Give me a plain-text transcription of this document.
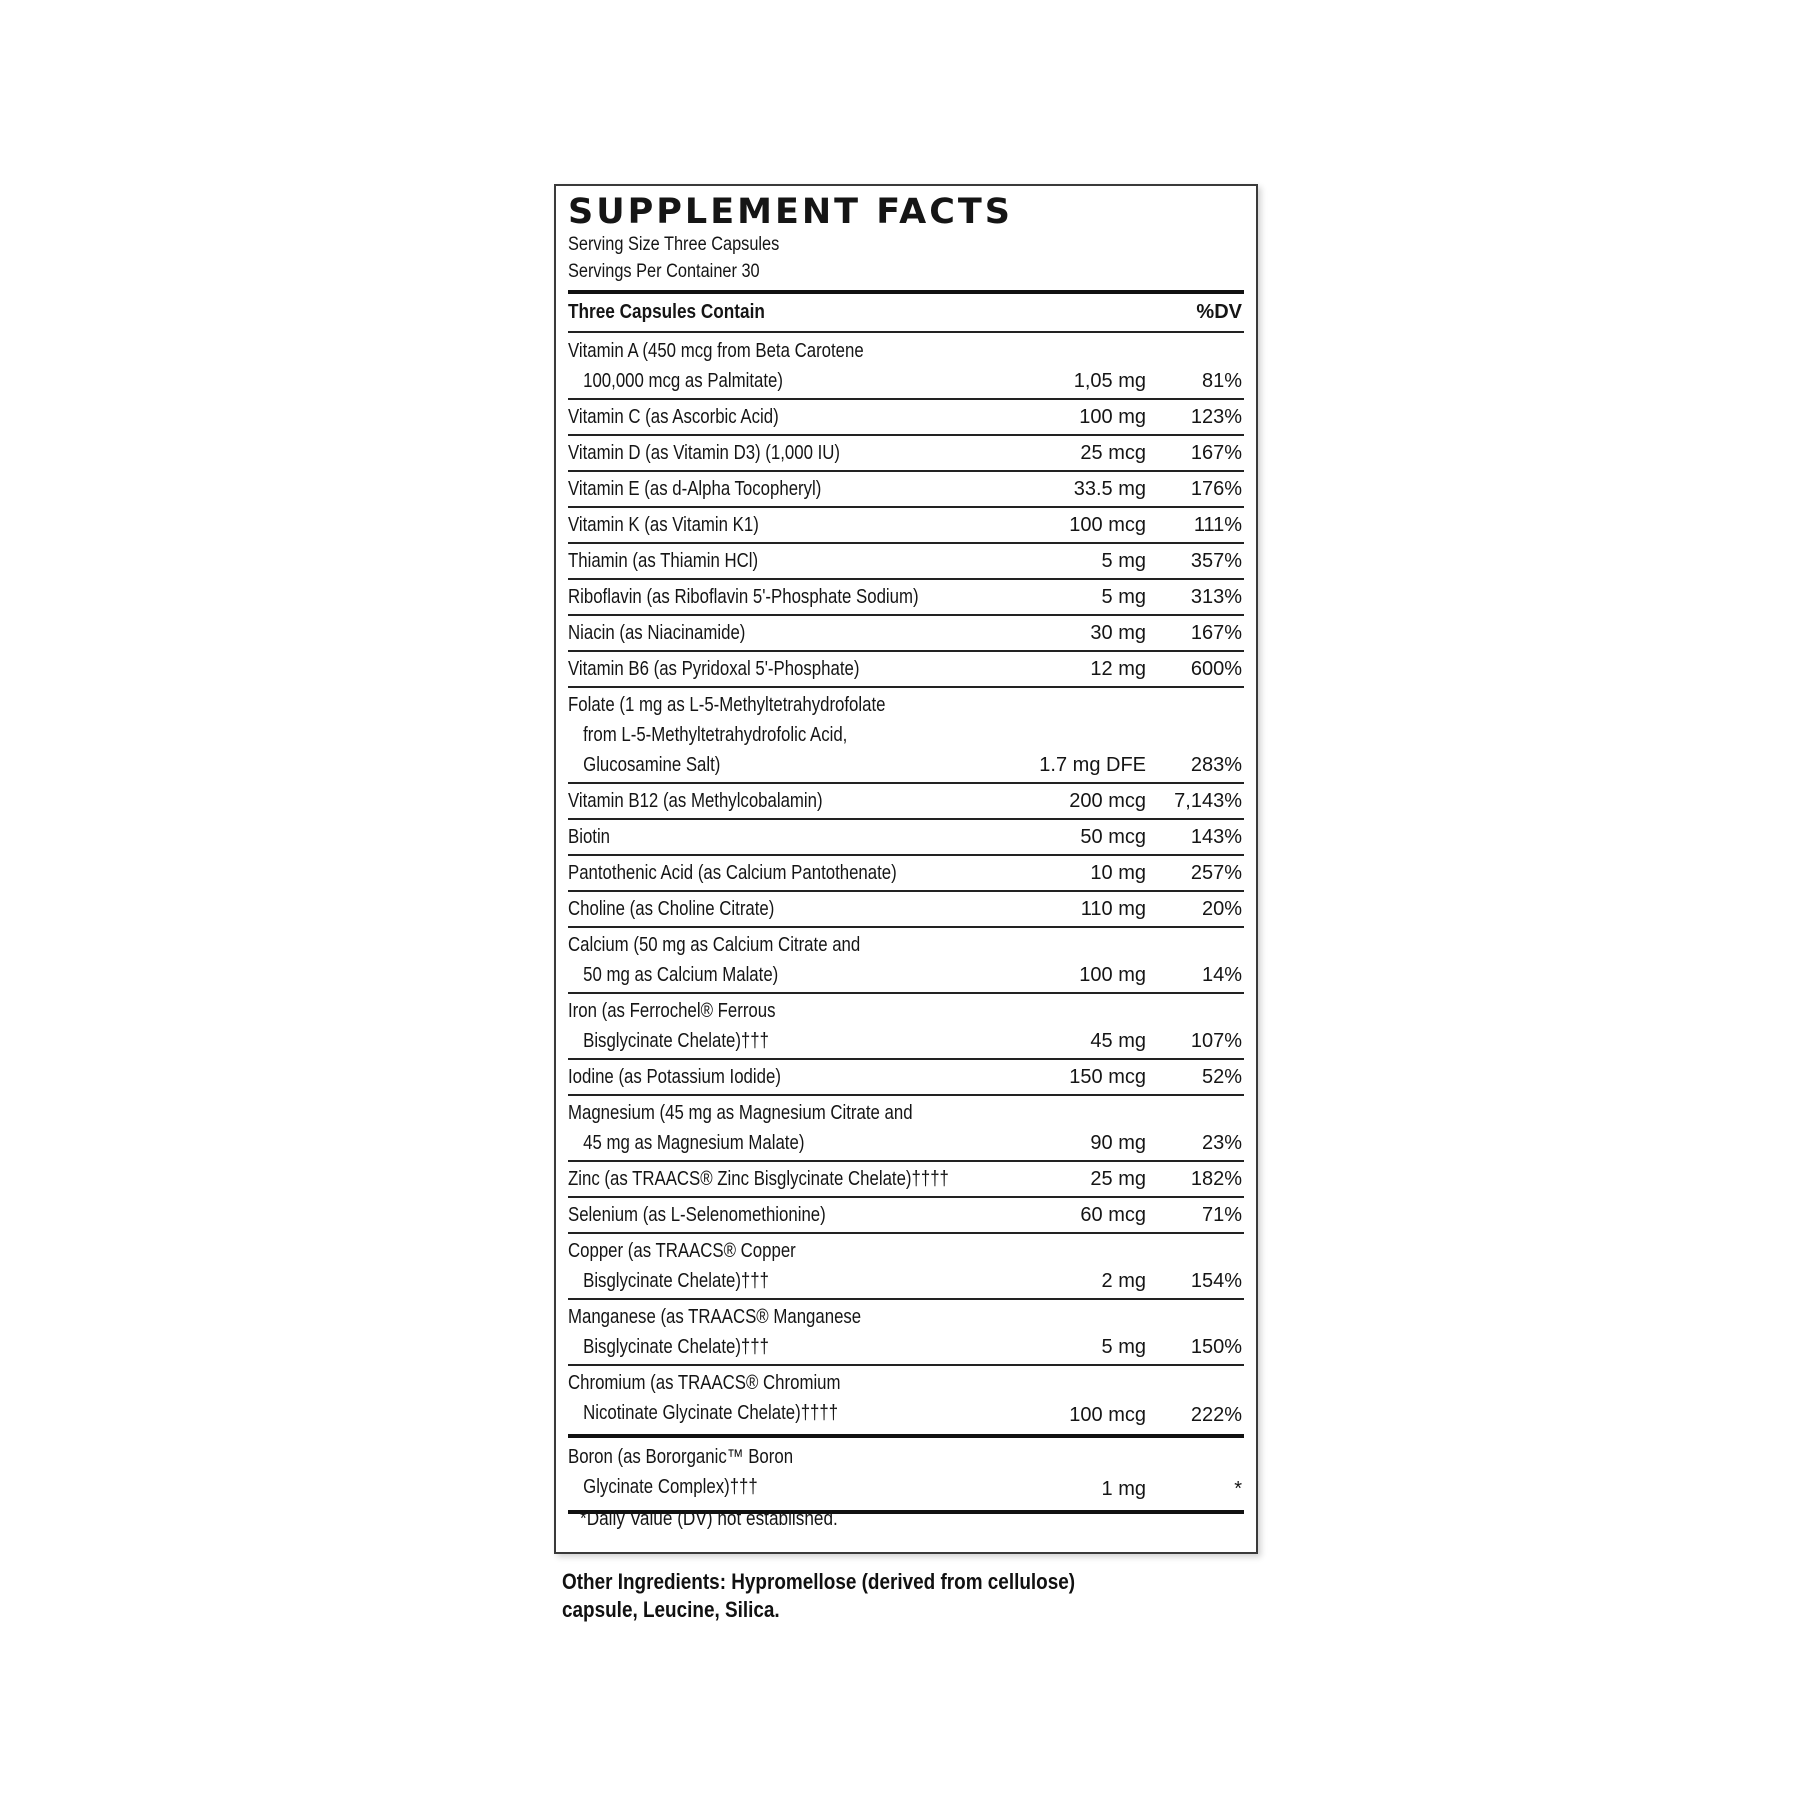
SUPPLEMENT FACTS
Serving Size Three Capsules
Servings Per Container 30
Three Capsules Contain	%DV
Vitamin A (450 mcg from Beta Carotene
100,000 mcg as Palmitate)	1,05 mg	81%
Vitamin C (as Ascorbic Acid)	100 mg 123%
Vitamin D (as Vitamin D3) (1,000 IU)	25 mcg 167%
Vitamin E (as d-Alpha Tocopheryl)	33.5 mg 176%
Vitamin K (as Vitamin K1)	100 mcg 111%
Thiamin (as Thiamin HCl)	5 mg 357%
Riboflavin (as Riboflavin 5'-Phosphate Sodium)	5 mg 313%
Niacin (as Niacinamide)	30 mg 167%
Vitamin B6 (as Pyridoxal 5'-Phosphate)	12 mg 600%
Folate (1 mg as L-5-Methyltetrahydrofolate
from L-5-Methyltetrahydrofolic Acid,
Glucosamine Salt)	1.7 mg DFE 283%
Vitamin B12 (as Methylcobalamin)	200 mcg 7,143%
Biotin	50 mcg 143%
Pantothenic Acid (as Calcium Pantothenate)	10 mg 257%
Choline (as Choline Citrate)	110 mg	20%
Calcium (50 mg as Calcium Citrate and
50 mg as Calcium Malate)	100 mg	14%
Iron (as Ferrochel® Ferrous
Bisglycinate Chelate)†††	45 mg 107%
Iodine (as Potassium Iodide)	150 mcg	52%
Magnesium (45 mg as Magnesium Citrate and
45 mg as Magnesium Malate)	90 mg	23%
Zinc (as TRAACS® Zinc Bisglycinate Chelate)††††	25 mg 182%
Selenium (as L-Selenomethionine)	60 mcg	71%
Copper (as TRAACS® Copper
Bisglycinate Chelate)†††	2 mg 154%
Manganese (as TRAACS® Manganese
Bisglycinate Chelate)†††	5 mg 150%
Chromium (as TRAACS® Chromium
Nicotinate Glycinate Chelate)††††	100 mcg 222%
Boron (as Bororganic™ Boron
Glycinate Complex)†††	1 mg	*
*Daily Value (DV) not established.
Other Ingredients: Hypromellose (derived from cellulose) capsule, Leucine, Silica.
